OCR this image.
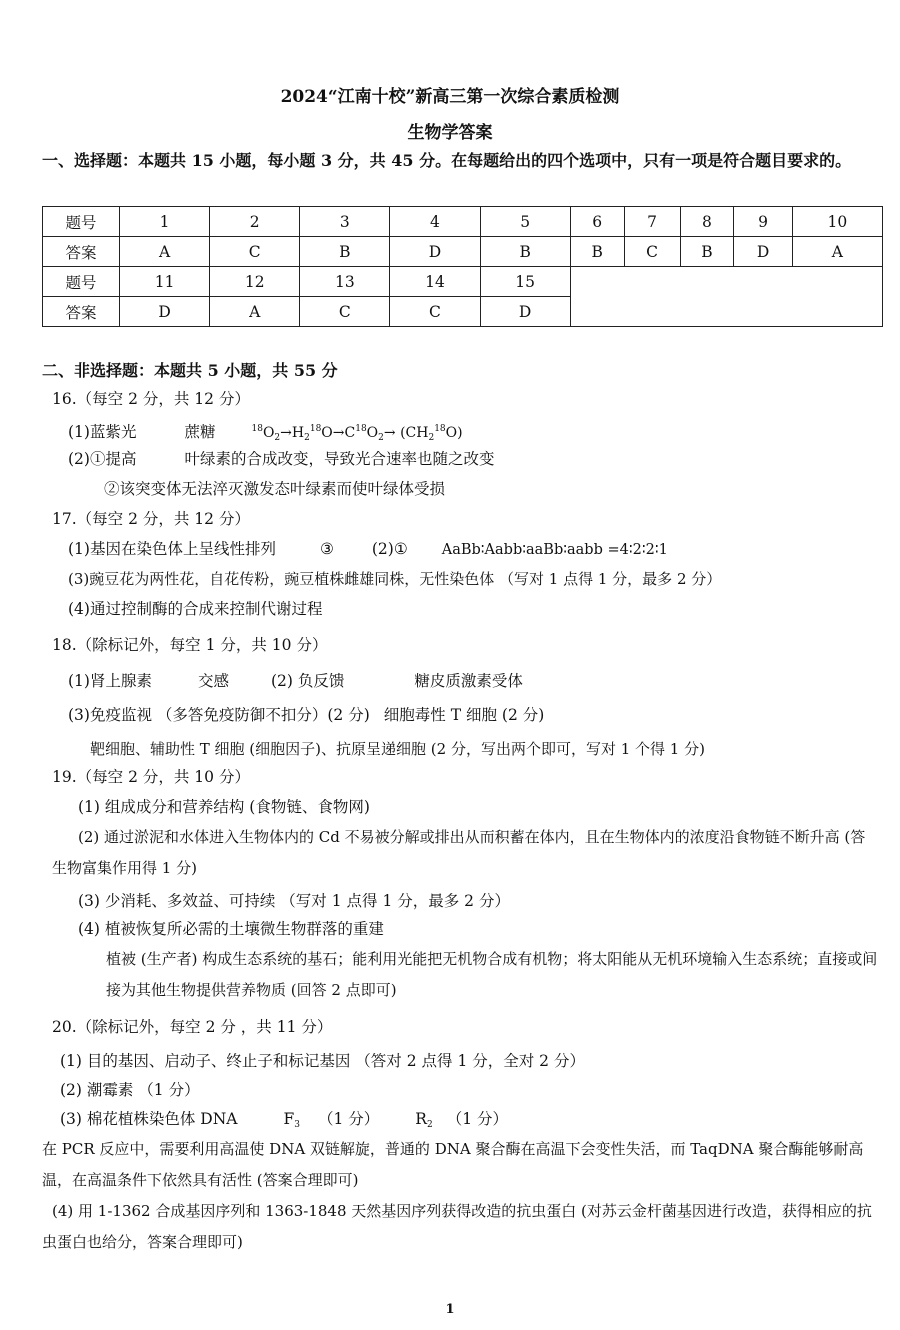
2024“江南十校”新高三第一次综合素质检测
生物学答案
一、选择题：本题共 15 小题，每小题 3 分，共 45 分。在每题给出的四个选项中，只有一项是符合题目要求的。
题号	1	2	3	4	5	6	7	8	9	10
答案	A	C	B	D	B	B	C	B	D	A
题号	11	12	13	14	15					
答案	D	A	C	C	D					
二、非选择题：本题共 5 小题，共 55 分
16.（每空 2 分，共 12 分）
(1)蓝紫光	蔗糖	$^{18}O_2\to H_2^{18}O\to C^{18}O_2\to (CH_2^{18}O)$
(2)①提高	叶绿素的合成改变，导致光合速率也随之改变
②该突变体无法淬灭激发态叶绿素而使叶绿体受损
17.（每空 2 分，共 12 分）
(1)基因在染色体上呈线性排列	③ (2)① AaBb∶Aabb∶aaBb∶aabb =4∶2∶2∶1
(3)豌豆花为两性花，自花传粉，豌豆植株雌雄同株，无性染色体 （写对 1 点得 1 分，最多 2 分）
(4)通过控制酶的合成来控制代谢过程
18.（除标记外，每空 1 分，共 10 分）
(1)肾上腺素	交感	(2) 负反馈	糖皮质激素受体
(3)免疫监视 （多答免疫防御不扣分）(2 分) 细胞毒性 T 细胞 (2 分)
靶细胞、辅助性 T 细胞 (细胞因子)、抗原呈递细胞 (2 分，写出两个即可，写对 1 个得 1 分)
19.（每空 2 分，共 10 分）
(1) 组成成分和营养结构 (食物链、食物网)
(2) 通过淤泥和水体进入生物体内的 Cd 不易被分解或排出从而积蓄在体内，且在生物体内的浓度沿食物链不断升高 (答生物富集作用得 1 分)
(3) 少消耗、多效益、可持续 （写对 1 点得 1 分，最多 2 分）
(4) 植被恢复所必需的土壤微生物群落的重建
植被 (生产者) 构成生态系统的基石；能利用光能把无机物合成有机物；将太阳能从无机环境输入生态系统；直接或间接为其他生物提供营养物质 (回答 2 点即可)
20.（除标记外，每空 2 分 ，共 11 分）
(1) 目的基因、启动子、终止子和标记基因 （答对 2 点得 1 分，全对 2 分）
(2) 潮霉素 （1 分）
(3) 棉花植株染色体 DNA	$F_3$ （1 分） $R_2$ （1 分）
在 PCR 反应中，需要利用高温使 DNA 双链解旋，普通的 DNA 聚合酶在高温下会变性失活，而 TaqDNA 聚合酶能够耐高温，在高温条件下依然具有活性 (答案合理即可)
(4) 用 1-1362 合成基因序列和 1363-1848 天然基因序列获得改造的抗虫蛋白 (对苏云金杆菌基因进行改造，获得相应的抗虫蛋白也给分，答案合理即可)
1
